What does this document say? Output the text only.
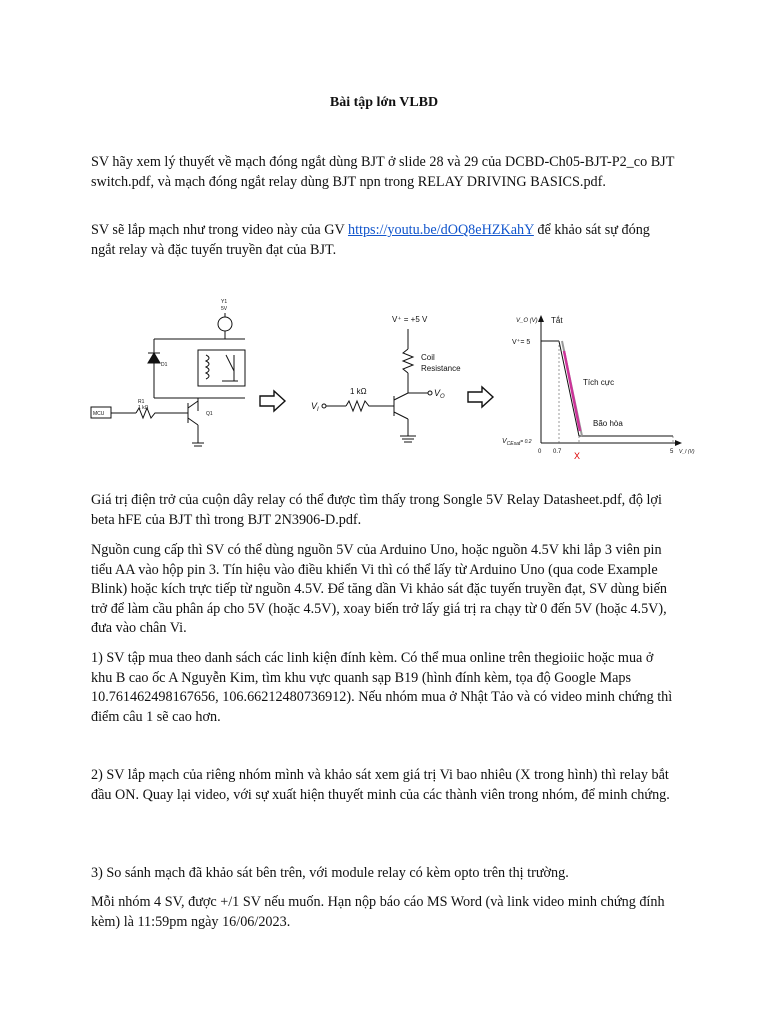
Bài tập lớn VLBD

SV hãy xem lý thuyết về mạch đóng ngắt dùng BJT ở slide 28 và 29 của DCBD-Ch05-BJT-P2_co BJT switch.pdf, và mạch đóng ngắt relay dùng BJT npn trong RELAY DRIVING BASICS.pdf.

SV sẽ lắp mạch như trong video này của GV https://youtu.be/dOQ8eHZKahY để khảo sát sự đóng ngắt relay và đặc tuyến truyền đạt của BJT.

Y1
5V
D1
MCU
R1
1 kΩ
Q1
V⁺ = +5 V
Coil
Resistance
1 kΩ	$V_O$
$V_I$
V_O (V) Tắt
V⁺= 5
Tích cực
Bão hòa
$V_{CEsat}^{= 0.2}$
0 0.7	5 V_I (V)
X

Giá trị điện trở của cuộn dây relay có thể được tìm thấy trong Songle 5V Relay Datasheet.pdf, độ lợi beta hFE của BJT thì trong BJT 2N3906-D.pdf.

Nguồn cung cấp thì SV có thể dùng nguồn 5V của Arduino Uno, hoặc nguồn 4.5V khi lắp 3 viên pin tiểu AA vào hộp pin 3. Tín hiệu vào điều khiển Vi thì có thể lấy từ Arduino Uno (qua code Example Blink) hoặc kích trực tiếp từ nguồn 4.5V. Để tăng dần Vi khảo sát đặc tuyến truyền đạt, SV dùng biến trở để làm cầu phân áp cho 5V (hoặc 4.5V), xoay biến trở lấy giá trị ra chạy từ 0 đến 5V (hoặc 4.5V), đưa vào chân Vi.

1) SV tập mua theo danh sách các linh kiện đính kèm. Có thể mua online trên thegioiic hoặc mua ở khu B cao ốc A Nguyễn Kim, tìm khu vực quanh sạp B19 (hình đính kèm, tọa độ Google Maps 10.761462498167656, 106.66212480736912). Nếu nhóm mua ở Nhật Tảo và có video minh chứng thì điểm câu 1 sẽ cao hơn.

2) SV lắp mạch của riêng nhóm mình và khảo sát xem giá trị Vi bao nhiêu (X trong hình) thì relay bắt đầu ON. Quay lại video, với sự xuất hiện thuyết minh của các thành viên trong nhóm, để minh chứng.

3) So sánh mạch đã khảo sát bên trên, với module relay có kèm opto trên thị trường.

Mỗi nhóm 4 SV, được +/1 SV nếu muốn. Hạn nộp báo cáo MS Word (và link video minh chứng đính kèm) là 11:59pm ngày 16/06/2023.
